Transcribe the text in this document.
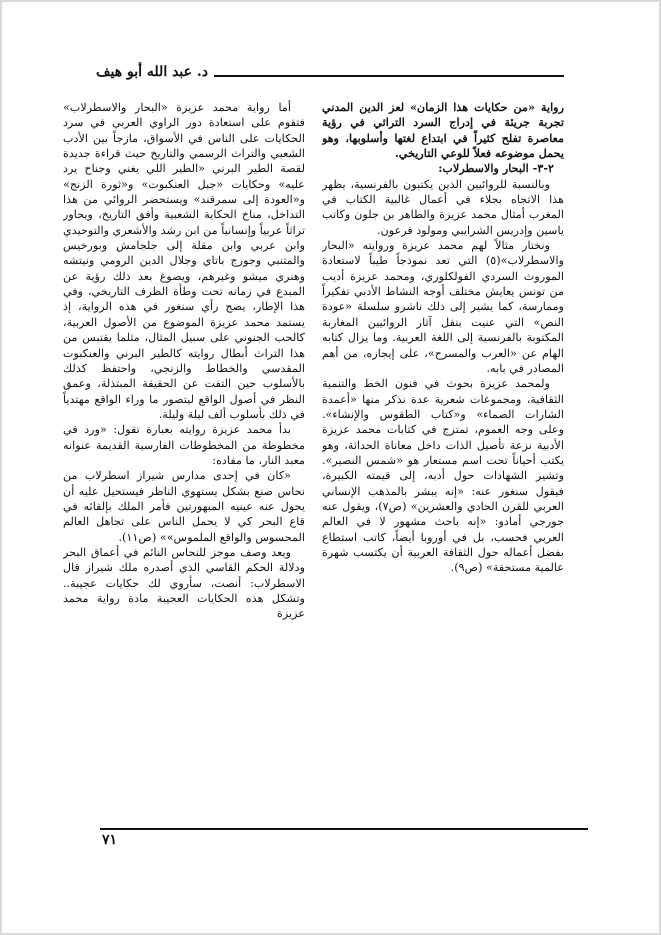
د. عبد الله أبو هيف

رواية «من حكايات هذا الزمان» لعز الدين المدني تجربة جريئة في إدراج السرد التراثي في رؤية معاصرة تفلح كثيراً في ابتداع لغتها وأسلوبها، وهو يحمل موضوعه فعلاً للوعي التاريخي.

٢-٣- البحار والاسطرلاب:

وبالنسبة للروائيين الذين يكتبون بالفرنسية، يظهر هذا الاتجاه بجلاء في أعمال غالبية الكتاب في المغرب أمثال محمد عزيزة والطاهر بن جلون وكاتب ياسين وإدريس الشرايبي ومولود فرعون.

ونختار مثالاً لهم محمد عزيزة وروايته «البحار والاسطرلاب»(٥) التي تعد نموذجاً طيباً لاستعادة الموروث السردي الفولكلوري، ومحمد عزيزة أديب من تونس يعايش مختلف أوجه النشاط الأدبي تفكيراً وممارسة، كما يشير إلى ذلك ناشرو سلسلة «عودة النص» التي عنيت بنقل آثار الروائيين المغاربة المكتوبة بالفرنسية إلى اللغة العربية. وما يزال كتابه الهام عن «العرب والمسرح»، على إيجازه، من أهم المصادر في بابه.

ولمحمد عزيزة بحوث في فنون الخط والتنمية الثقافية، ومجموعات شعرية عدة نذكر منها «أعمدة الشارات الصماء» و«كتاب الطقوس والإنشاء». وعلى وجه العموم، تمتزج في كتابات محمد عزيزة الأدبية نزعة تأصيل الذات داخل معاناة الحداثة، وهو يكتب أحياناً تحت اسم مستعار هو «شمس النصير». وتشير الشهادات حول أدبه، إلى قيمته الكبيرة، فيقول سنغور عنه: «إنه يبشر بالمذهب الإنساني العربي للقرن الحادي والعشرين» (ص٧)، ويقول عنه جورجي أمادو: «إنه باحث مشهور لا في العالم العربي فحسب، بل في أوروبا أيضاً، كاتب استطاع بفضل أعماله حول الثقافة العربية أن يكتسب شهرة عالمية مستحقة» (ص٩).

أما رواية محمد عزيزة «البحار والاسطرلاب» فتقوم على استعادة دور الراوي العربي في سرد الحكايات على الناس في الأسواق، مازجاً بين الأدب الشعبي والتراث الرسمي والتاريخ حيث قراءة جديدة لقصة الطير البرني «الطير اللي يغني وجناح يرد عليه» وحكايات «جبل العنكبوت» و«ثورة الزنج» و«العودة إلى سمرقند» ويستحضر الروائي من هذا التداخل، مناخ الحكاية الشعبية وأفق التاريخ، ويحاور تراثاً عربياً وإنسانياً من ابن رشد والأشعري والتوحيدي وابن عربي وابن مقلة إلى جلجامش وبورخيس والمتنبي وجورج باتاي وجلال الدين الرومي ونيتشه وهنري ميشو وغيرهم، ويصوغ بعد ذلك رؤية عن المبدع في زمانه تحت وطأة الظرف التاريخي، وفي هذا الإطار، يصح رأي سنغور في هذه الرواية، إذ يستمد محمد عزيزة الموضوع من الأصول العربية، كالحب الجنوني على سبيل المثال، مثلما يقتبس من هذا التراث أبطال روايته كالطير البرني والعنكبوت المقدسي والخطاط والزنجي، واحتفظ كذلك بالأسلوب حين التفت عن الحقيقة المبتذلة، وعمق النظر في أصول الواقع ليتصور ما وراء الواقع مهتدياً في ذلك بأسلوب ألف ليلة وليلة.

بدأ محمد عزيزة روايته بعبارة تقول: «ورد في مخطوطة من المخطوطات الفارسية القديمة عنوانه معبد النار، ما مفاده:

«كان في إحدى مدارس شيراز اسطرلاب من نحاس صنع بشكل يستهوي الناظر فيستحيل عليه أن يحول عنه عينيه المبهورتين فأمر الملك بإلقائه في قاع البحر كي لا يحمل الناس على تجاهل العالم المحسوس والواقع الملموس»» (ص١١).

ويعد وصف موجز للنحاس النائم في أعماق البحر ودلالة الحكم القاسي الذي أصدره ملك شيراز قال الاسطرلاب: أنصت، سأروي لك حكايات عجيبة.. وتشكل هذه الحكايات العجيبة مادة رواية محمد عزيزة

٧١
